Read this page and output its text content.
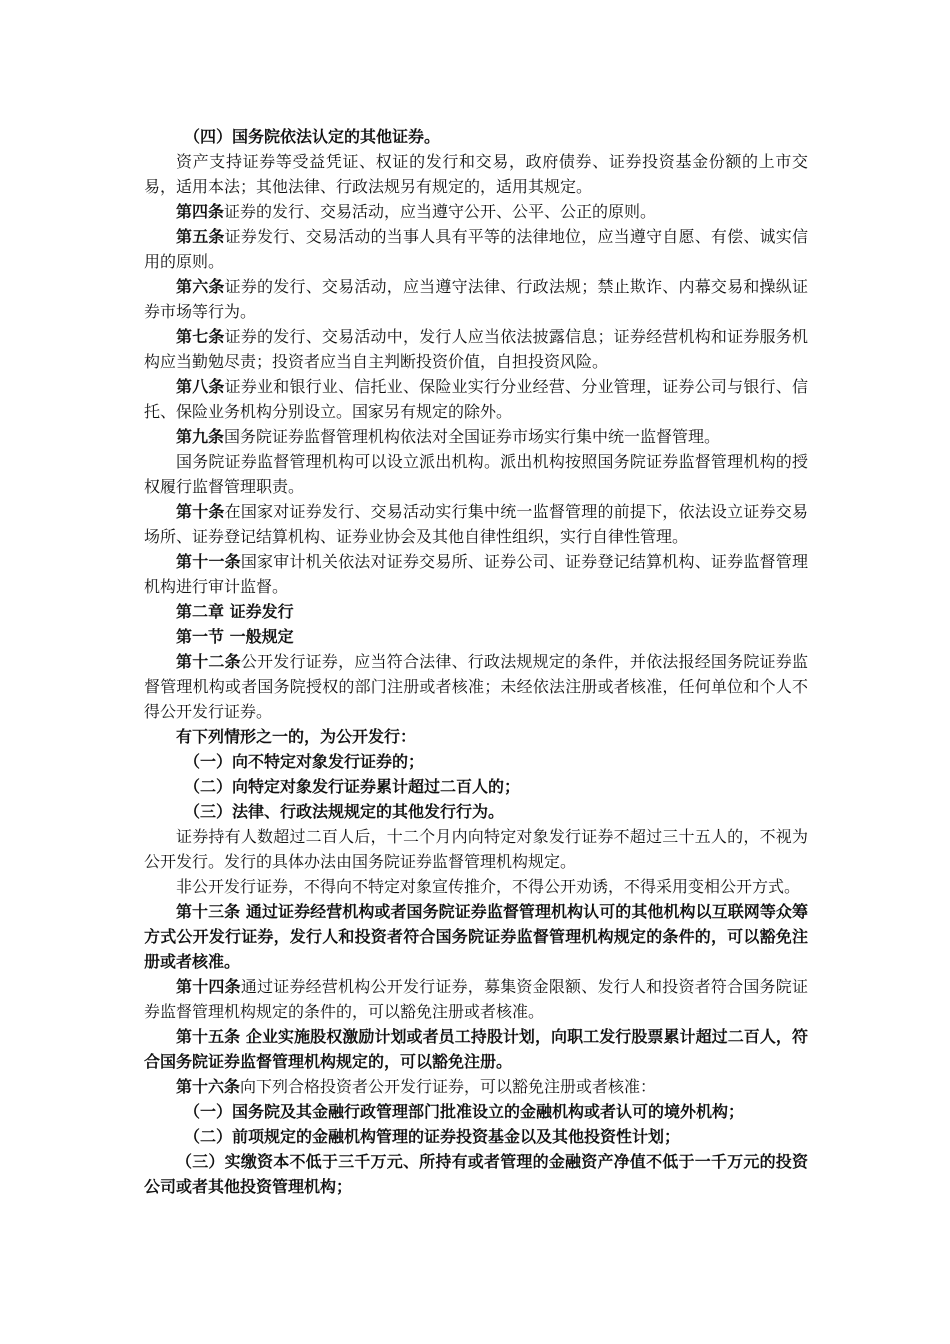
（四）国务院依法认定的其他证券。

资产支持证券等受益凭证、权证的发行和交易，政府债券、证券投资基金份额的上市交易，适用本法；其他法律、行政法规另有规定的，适用其规定。

第四条证券的发行、交易活动，应当遵守公开、公平、公正的原则。

第五条证券发行、交易活动的当事人具有平等的法律地位，应当遵守自愿、有偿、诚实信用的原则。

第六条证券的发行、交易活动，应当遵守法律、行政法规；禁止欺诈、内幕交易和操纵证券市场等行为。

第七条证券的发行、交易活动中，发行人应当依法披露信息；证券经营机构和证券服务机构应当勤勉尽责；投资者应当自主判断投资价值，自担投资风险。

第八条证券业和银行业、信托业、保险业实行分业经营、分业管理，证券公司与银行、信托、保险业务机构分别设立。国家另有规定的除外。

第九条国务院证券监督管理机构依法对全国证券市场实行集中统一监督管理。

国务院证券监督管理机构可以设立派出机构。派出机构按照国务院证券监督管理机构的授权履行监督管理职责。

第十条在国家对证券发行、交易活动实行集中统一监督管理的前提下，依法设立证券交易场所、证券登记结算机构、证券业协会及其他自律性组织，实行自律性管理。

第十一条国家审计机关依法对证券交易所、证券公司、证券登记结算机构、证券监督管理机构进行审计监督。

第二章 证券发行

第一节 一般规定

第十二条公开发行证券，应当符合法律、行政法规规定的条件，并依法报经国务院证券监督管理机构或者国务院授权的部门注册或者核准；未经依法注册或者核准，任何单位和个人不得公开发行证券。

有下列情形之一的，为公开发行：

（一）向不特定对象发行证券的；

（二）向特定对象发行证券累计超过二百人的；

（三）法律、行政法规规定的其他发行行为。

证券持有人数超过二百人后，十二个月内向特定对象发行证券不超过三十五人的，不视为公开发行。发行的具体办法由国务院证券监督管理机构规定。

非公开发行证券，不得向不特定对象宣传推介，不得公开劝诱，不得采用变相公开方式。

第十三条 通过证券经营机构或者国务院证券监督管理机构认可的其他机构以互联网等众筹方式公开发行证券，发行人和投资者符合国务院证券监督管理机构规定的条件的，可以豁免注册或者核准。

第十四条通过证券经营机构公开发行证券，募集资金限额、发行人和投资者符合国务院证券监督管理机构规定的条件的，可以豁免注册或者核准。

第十五条 企业实施股权激励计划或者员工持股计划，向职工发行股票累计超过二百人，符合国务院证券监督管理机构规定的，可以豁免注册。

第十六条向下列合格投资者公开发行证券，可以豁免注册或者核准：

（一）国务院及其金融行政管理部门批准设立的金融机构或者认可的境外机构；

（二）前项规定的金融机构管理的证券投资基金以及其他投资性计划；

（三）实缴资本不低于三千万元、所持有或者管理的金融资产净值不低于一千万元的投资公司或者其他投资管理机构；
